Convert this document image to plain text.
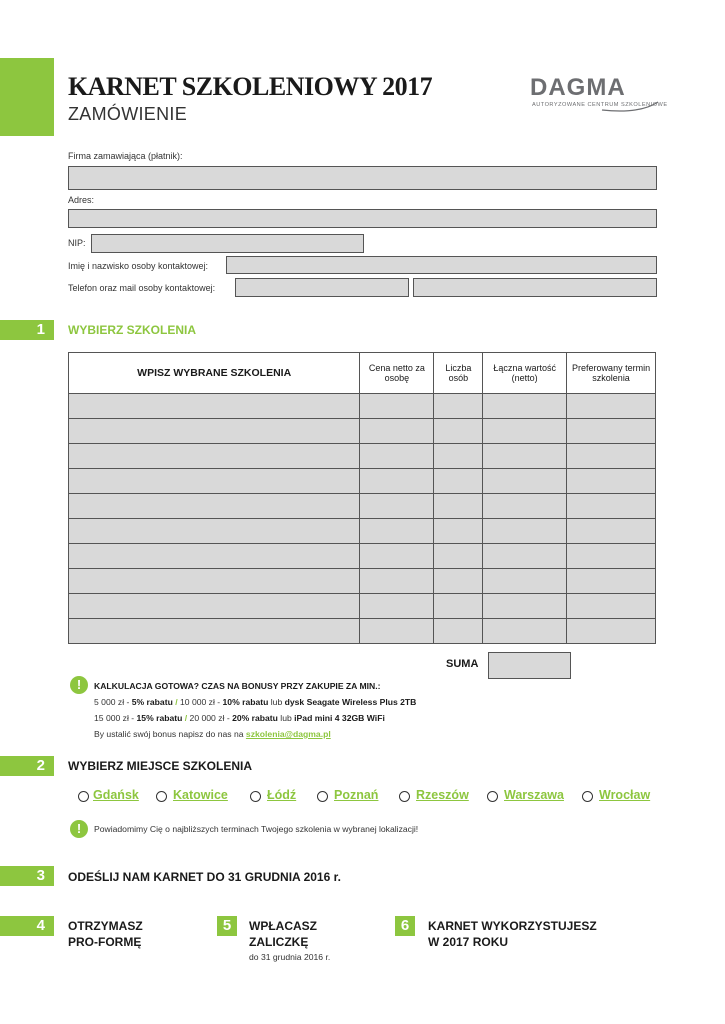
KARNET SZKOLENIOWY 2017
ZAMÓWIENIE
DAGMA
AUTORYZOWANE CENTRUM SZKOLENIOWE
Firma zamawiająca (płatnik):
Adres:
NIP:
Imię i nazwisko osoby kontaktowej:
Telefon oraz mail osoby kontaktowej:
1	WYBIERZ SZKOLENIA
WPISZ WYBRANE SZKOLENIA	Cena netto za osobę	Liczba osób	Łączna wartość (netto)	Preferowany termin szkolenia

SUMA
!	KALKULACJA GOTOWA? CZAS NA BONUSY PRZY ZAKUPIE ZA MIN.:
5 000 zł - 5% rabatu / 10 000 zł - 10% rabatu lub dysk Seagate Wireless Plus 2TB
15 000 zł - 15% rabatu / 20 000 zł - 20% rabatu lub iPad mini 4 32GB WiFi
By ustalić swój bonus napisz do nas na szkolenia@dagma.pl
2	WYBIERZ MIEJSCE SZKOLENIA
Gdańsk	Katowice	Łódź	Poznań	Rzeszów	Warszawa	Wrocław
!	Powiadomimy Cię o najbliższych terminach Twojego szkolenia w wybranej lokalizacji!
3	ODEŚLIJ NAM KARNET DO 31 GRUDNIA 2016 r.
4	OTRZYMASZ
PRO-FORMĘ
5	WPŁACASZ
ZALICZKĘ
do 31 grudnia 2016 r.
6	KARNET WYKORZYSTUJESZ
W 2017 ROKU
